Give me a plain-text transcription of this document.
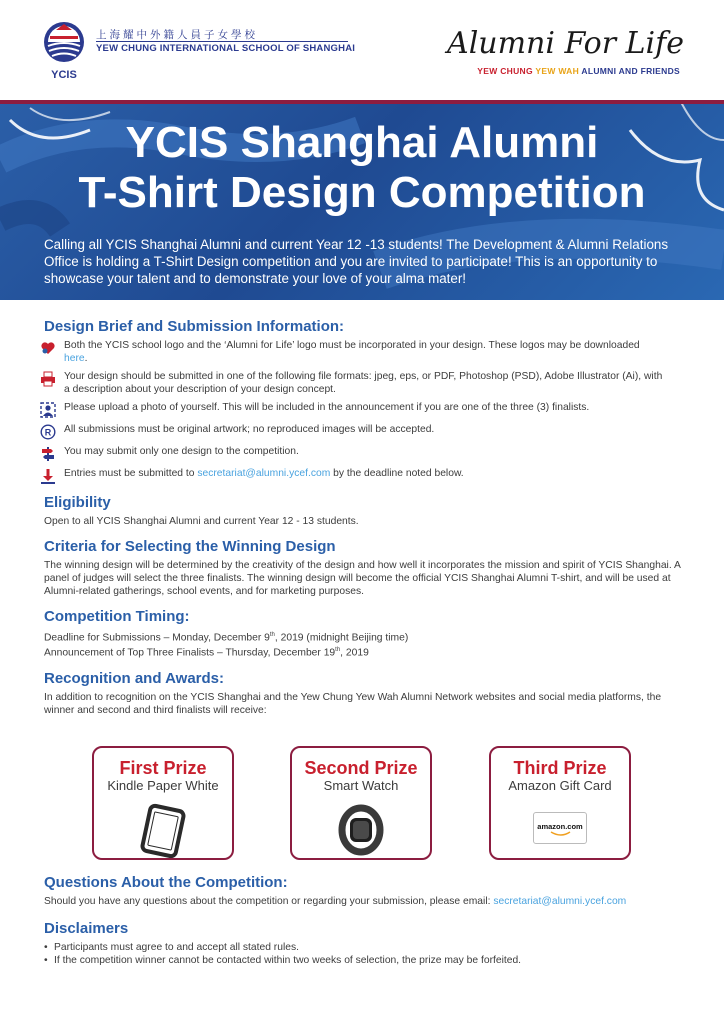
YCIS
上海耀中外籍人員子女學校
YEW CHUNG INTERNATIONAL SCHOOL OF SHANGHAI	Alumni For Life
YEW CHUNG YEW WAH ALUMNI AND FRIENDS
YCIS Shanghai Alumni
T-Shirt Design Competition
Calling all YCIS Shanghai Alumni and current Year 12 -13 students! The Development & Alumni Relations Office is holding a T-Shirt Design competition and you are invited to participate! This is an opportunity to showcase your talent and to demonstrate your love of your alma mater!
Design Brief and Submission Information:
Both the YCIS school logo and the ‘Alumni for Life’ logo must be incorporated in your design. These logos may be downloaded here.
Your design should be submitted in one of the following file formats: jpeg, eps, or PDF, Photoshop (PSD), Adobe Illustrator (Ai), with a description about your description of your design concept.
Please upload a photo of yourself. This will be included in the announcement if you are one of the three (3) finalists.
R All submissions must be original artwork; no reproduced images will be accepted.
You may submit only one design to the competition.
Entries must be submitted to secretariat@alumni.ycef.com by the deadline noted below.
Eligibility
Open to all YCIS Shanghai Alumni and current Year 12 - 13 students.
Criteria for Selecting the Winning Design
The winning design will be determined by the creativity of the design and how well it incorporates the mission and spirit of YCIS Shanghai. A panel of judges will select the three finalists. The winning design will become the official YCIS Shanghai Alumni T-shirt, and will be used at Alumni-related gatherings, school events, and for marketing purposes.
Competition Timing:
Deadline for Submissions – Monday, December 9th, 2019 (midnight Beijing time)
Announcement of Top Three Finalists – Thursday, December 19th, 2019
Recognition and Awards:
In addition to recognition on the YCIS Shanghai and the Yew Chung Yew Wah Alumni Network websites and social media platforms, the winner and second and third finalists will receive:
First Prize
Kindle Paper White
Second Prize
Smart Watch
Third Prize
Amazon Gift Card
amazon.com
Questions About the Competition:
Should you have any questions about the competition or regarding your submission, please email: secretariat@alumni.ycef.com
Disclaimers
• Participants must agree to and accept all stated rules.
• If the competition winner cannot be contacted within two weeks of selection, the prize may be forfeited.
